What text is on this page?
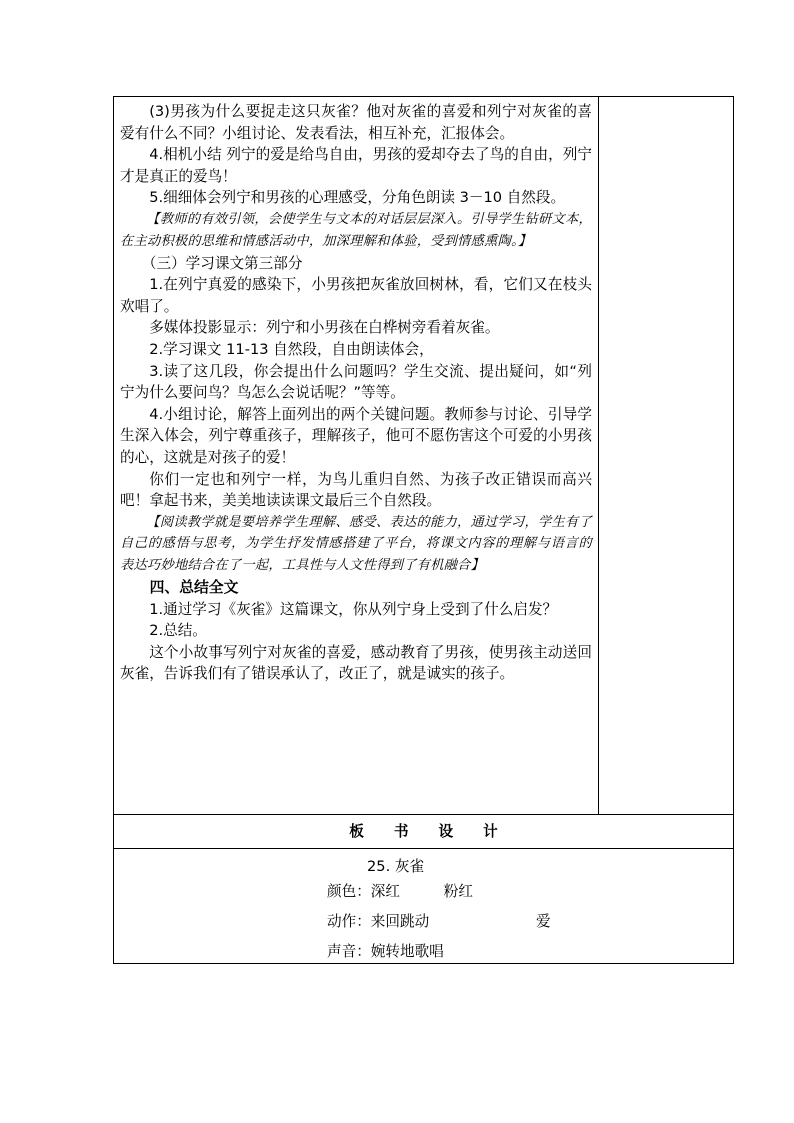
(3)男孩为什么要捉走这只灰雀？他对灰雀的喜爱和列宁对灰雀的喜爱有什么不同？小组讨论、发表看法，相互补充，汇报体会。

4.相机小结 列宁的爱是给鸟自由，男孩的爱却夺去了鸟的自由，列宁才是真正的爱鸟！

5.细细体会列宁和男孩的心理感受，分角色朗读 3－10 自然段。

【教师的有效引领，会使学生与文本的对话层层深入。引导学生钻研文本，在主动积极的思维和情感活动中，加深理解和体验，受到情感熏陶。】

（三）学习课文第三部分

1.在列宁真爱的感染下，小男孩把灰雀放回树林，看，它们又在枝头欢唱了。

多媒体投影显示：列宁和小男孩在白桦树旁看着灰雀。

2.学习课文 11-13 自然段，自由朗读体会，

3.读了这几段，你会提出什么问题吗？学生交流、提出疑问，如“列宁为什么要问鸟？鸟怎么会说话呢？”等等。

4.小组讨论，解答上面列出的两个关键问题。教师参与讨论、引导学生深入体会，列宁尊重孩子，理解孩子，他可不愿伤害这个可爱的小男孩的心，这就是对孩子的爱！

你们一定也和列宁一样，为鸟儿重归自然、为孩子改正错误而高兴吧！拿起书来，美美地读读课文最后三个自然段。

【阅读教学就是要培养学生理解、感受、表达的能力，通过学习，学生有了自己的感悟与思考，为学生抒发情感搭建了平台，将课文内容的理解与语言的表达巧妙地结合在了一起，工具性与人文性得到了有机融合】

四、总结全文

1.通过学习《灰雀》这篇课文，你从列宁身上受到了什么启发？

2.总结。

这个小故事写列宁对灰雀的喜爱，感动教育了男孩，使男孩主动送回灰雀，告诉我们有了错误承认了，改正了，就是诚实的孩子。

板书设计

25. 灰雀
颜色：深红　　　粉红
动作：来回跳动	爱
声音：婉转地歌唱
